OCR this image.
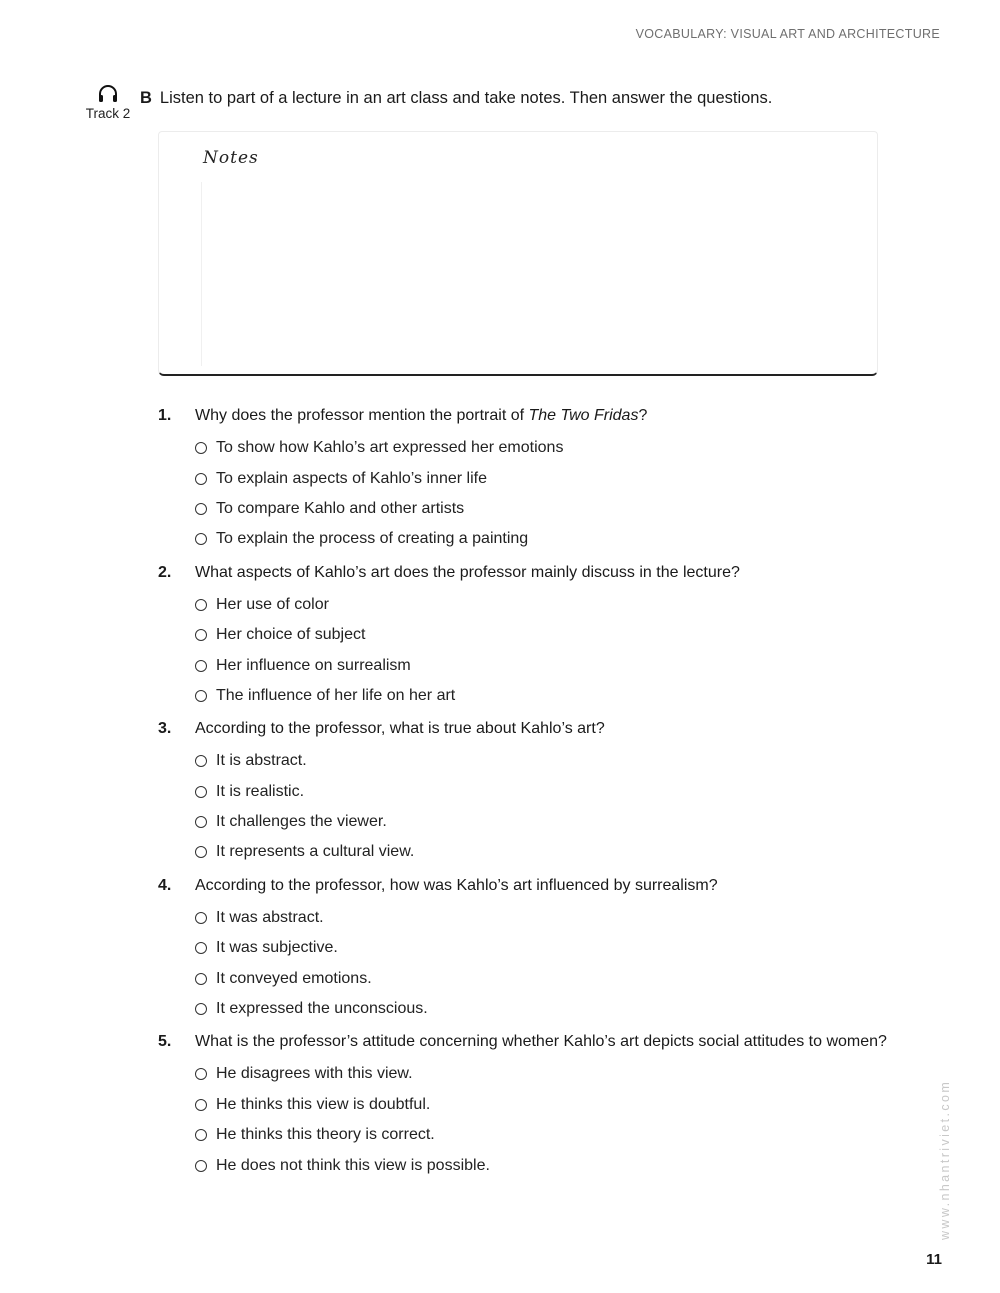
VOCABULARY: VISUAL ART AND ARCHITECTURE
Track 2
B Listen to part of a lecture in an art class and take notes. Then answer the questions.
Notes
1.	Why does the professor mention the portrait of The Two Fridas?
To show how Kahlo’s art expressed her emotions
To explain aspects of Kahlo’s inner life
To compare Kahlo and other artists
To explain the process of creating a painting
2.	What aspects of Kahlo’s art does the professor mainly discuss in the lecture?
Her use of color
Her choice of subject
Her influence on surrealism
The influence of her life on her art
3.	According to the professor, what is true about Kahlo’s art?
It is abstract.
It is realistic.
It challenges the viewer.
It represents a cultural view.
4.	According to the professor, how was Kahlo’s art influenced by surrealism?
It was abstract.
It was subjective.
It conveyed emotions.
It expressed the unconscious.
5.	What is the professor’s attitude concerning whether Kahlo’s art depicts social attitudes to women?
He disagrees with this view.
He thinks this view is doubtful.
He thinks this theory is correct.
He does not think this view is possible.	www.nhantriviet.com
11
